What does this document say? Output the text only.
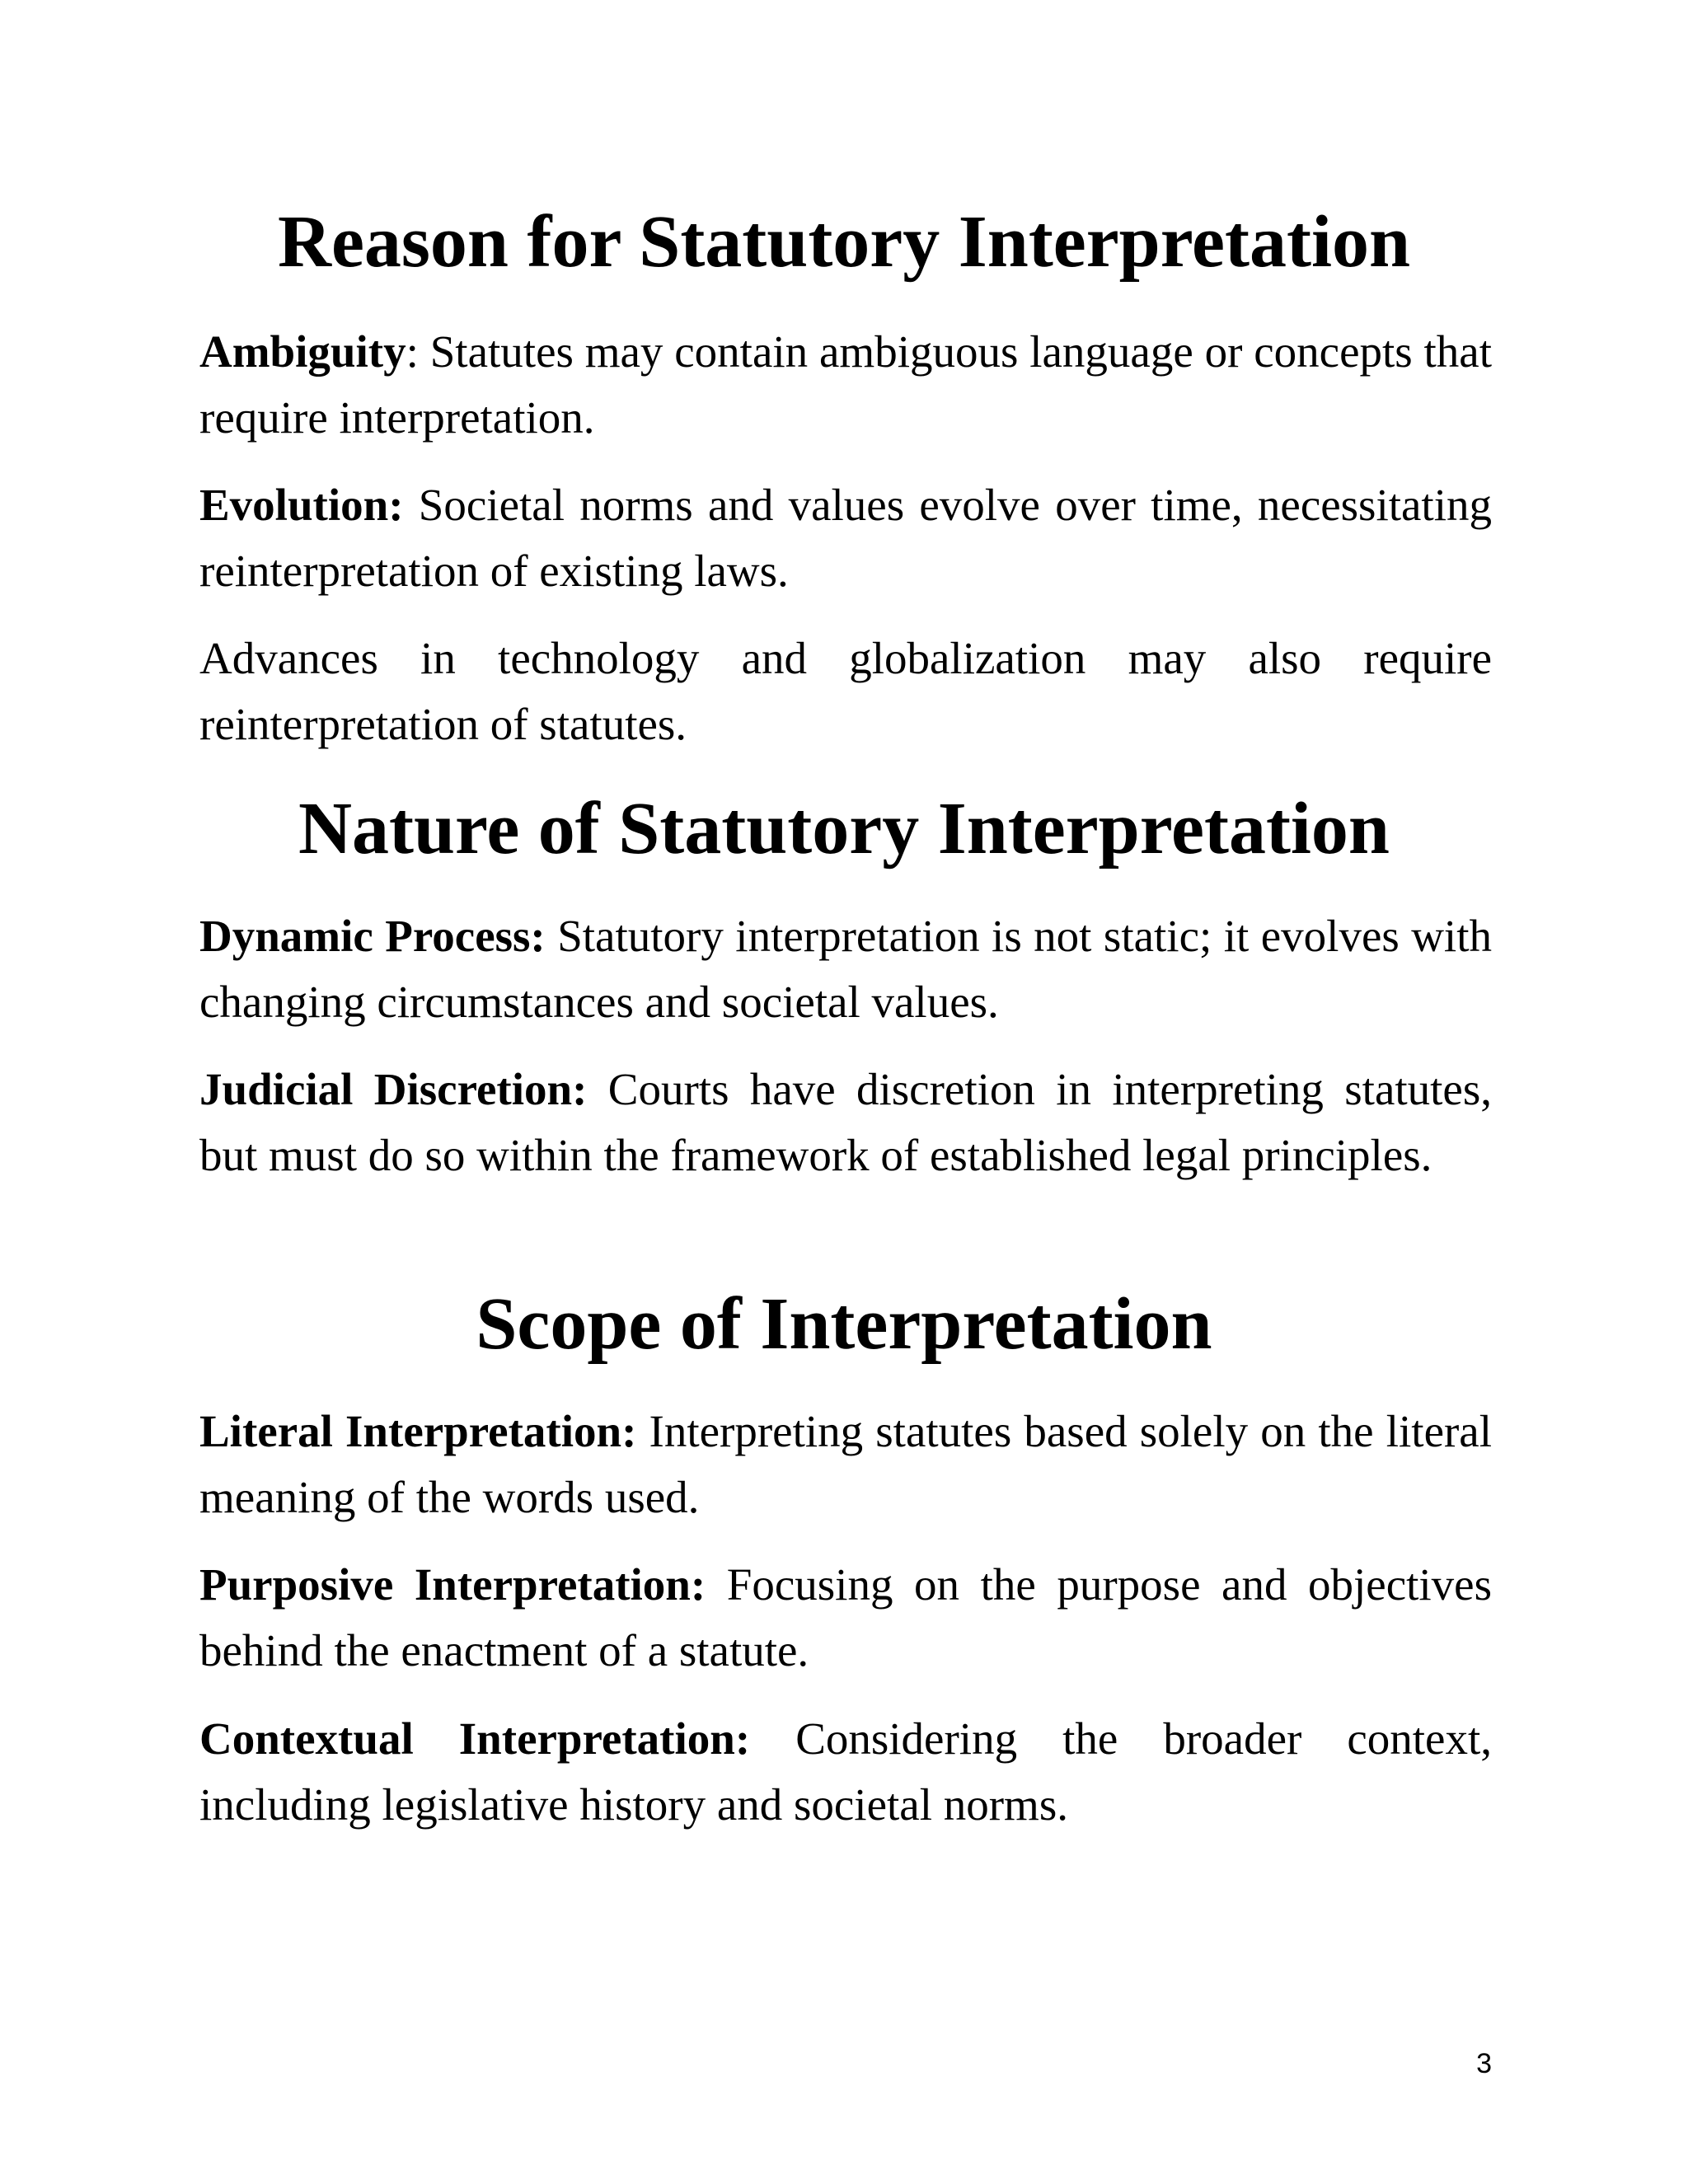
Reason for Statutory Interpretation

Ambiguity: Statutes may contain ambiguous language or concepts that require interpretation.

Evolution: Societal norms and values evolve over time, necessitating reinterpretation of existing laws.

Advances in technology and globalization may also require reinterpretation of statutes.

Nature of Statutory Interpretation

Dynamic Process: Statutory interpretation is not static; it evolves with changing circumstances and societal values.

Judicial Discretion: Courts have discretion in interpreting statutes, but must do so within the framework of established legal principles.

Scope of Interpretation

Literal Interpretation: Interpreting statutes based solely on the literal meaning of the words used.

Purposive Interpretation: Focusing on the purpose and objectives behind the enactment of a statute.

Contextual Interpretation: Considering the broader context, including legislative history and societal norms.

3
